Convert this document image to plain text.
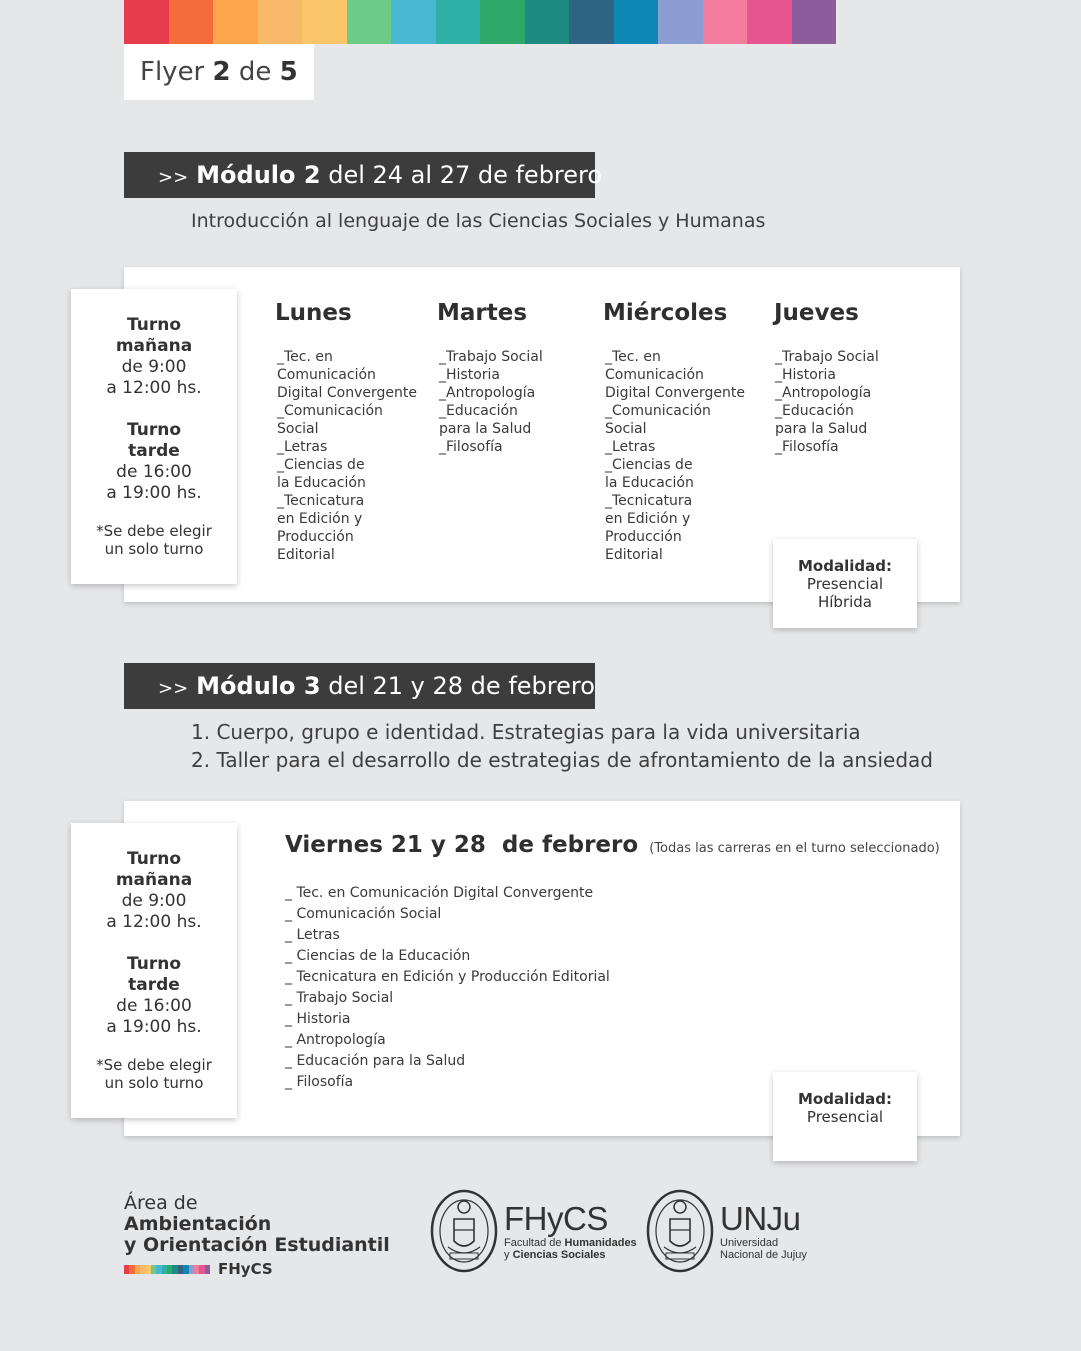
Flyer 2 de 5
>> Módulo 2 del 24 al 27 de febrero
Introducción al lenguaje de las Ciencias Sociales y Humanas
Turno
mañana
de 9:00
a 12:00 hs.
Turno
tarde
de 16:00
a 19:00 hs.
*Se debe elegir
un solo turno
Lunes
_Tec. en
Comunicación
Digital Convergente
_Comunicación
Social
_Letras
_Ciencias de
la Educación
_Tecnicatura
en Edición y
Producción
Editorial
Martes
_Trabajo Social
_Historia
_Antropología
_Educación
para la Salud
_Filosofía
Miércoles
_Tec. en
Comunicación
Digital Convergente
_Comunicación
Social
_Letras
_Ciencias de
la Educación
_Tecnicatura
en Edición y
Producción
Editorial
Jueves
_Trabajo Social
_Historia
_Antropología
_Educación
para la Salud
_Filosofía
Modalidad:
Presencial
Híbrida
>> Módulo 3 del 21 y 28 de febrero
1. Cuerpo, grupo e identidad. Estrategias para la vida universitaria
2. Taller para el desarrollo de estrategias de afrontamiento de la ansiedad
Turno
mañana
de 9:00
a 12:00 hs.
Turno
tarde
de 16:00
a 19:00 hs.
*Se debe elegir
un solo turno
Viernes 21 y 28  de febrero (Todas las carreras en el turno seleccionado)
_ Tec. en Comunicación Digital Convergente
_ Comunicación Social
_ Letras
_ Ciencias de la Educación
_ Tecnicatura en Edición y Producción Editorial
_ Trabajo Social
_ Historia
_ Antropología
_ Educación para la Salud
_ Filosofía
Modalidad:
Presencial
Área de
Ambientación
y Orientación Estudiantil
FHyCS
FHyCS
Facultad de Humanidades
y Ciencias Sociales
UNJu
Universidad
Nacional de Jujuy
